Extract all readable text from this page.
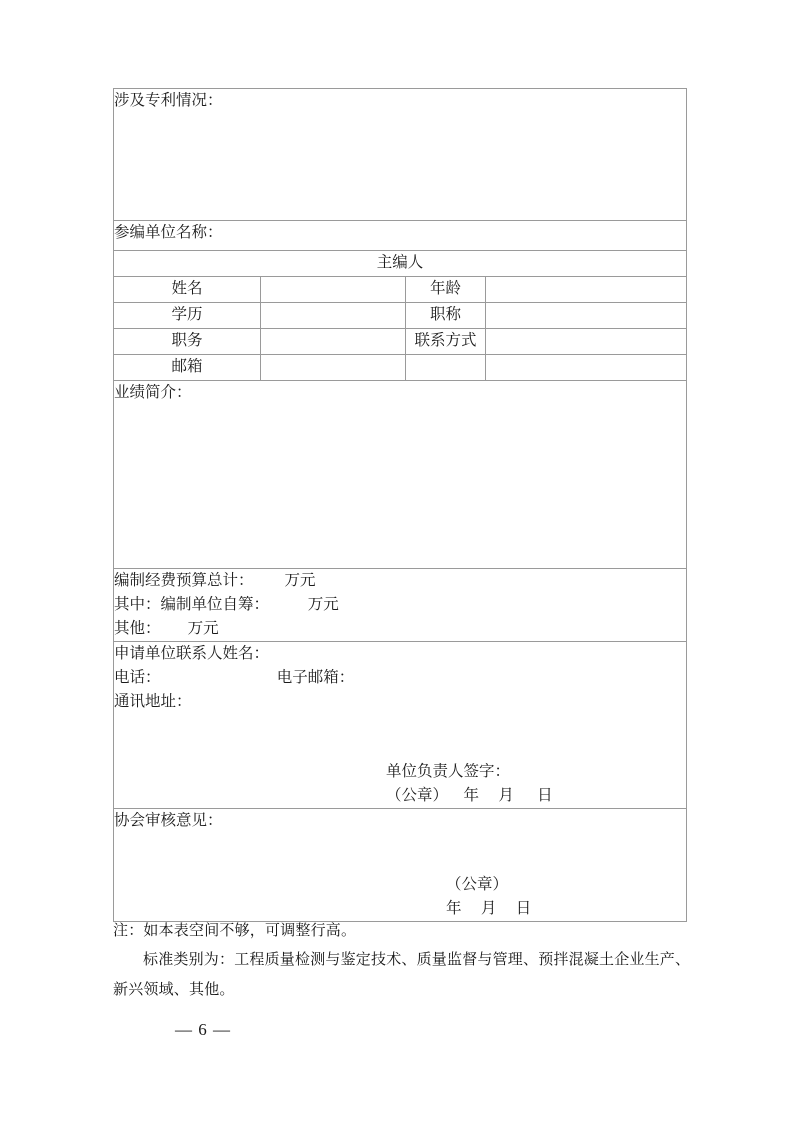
涉及专利情况：			

参编单位名称：			

主编人			
姓名		年龄	
学历		职称	
职务		联系方式	
邮箱			

业绩简介：			

编制经费预算总计：        万元
其中：编制单位自筹：          万元
其他：       万元			

申请单位联系人姓名：
电话：                              电子邮箱：
通讯地址：
单位负责人签字：
（公章）    年     月      日			

协会审核意见：
（公章）
年     月     日			
注：如本表空间不够，可调整行高。
标准类别为：工程质量检测与鉴定技术、质量监督与管理、预拌混凝土企业生产、新兴领域、其他。
— 6 —
